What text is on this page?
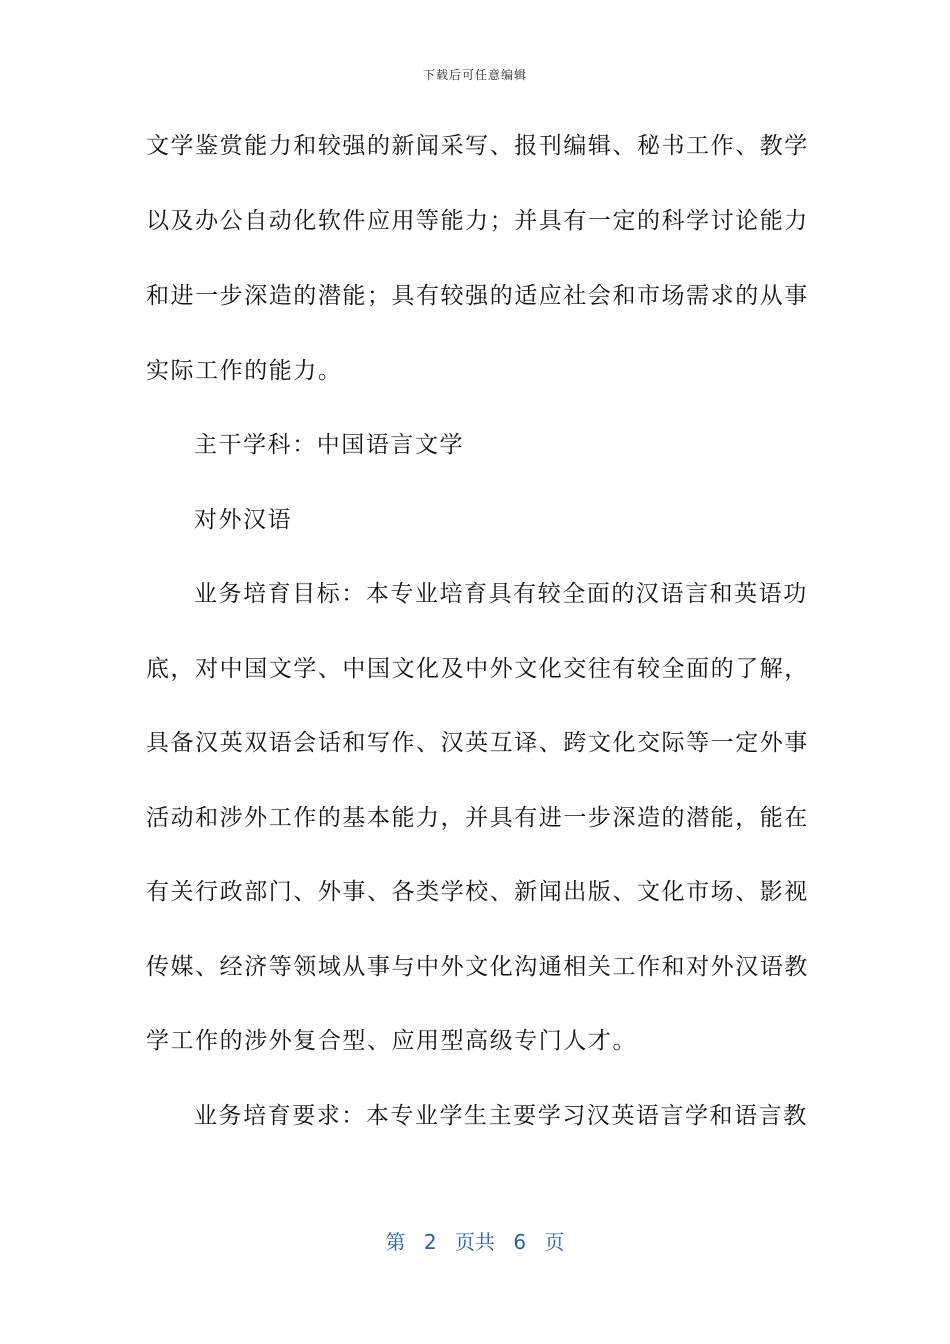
下载后可任意编辑
文学鉴赏能力和较强的新闻采写、报刊编辑、秘书工作、教学
以及办公自动化软件应用等能力；并具有一定的科学讨论能力
和进一步深造的潜能；具有较强的适应社会和市场需求的从事
实际工作的能力。
主干学科：中国语言文学
对外汉语
业务培育目标：本专业培育具有较全面的汉语言和英语功
底，对中国文学、中国文化及中外文化交往有较全面的了解，
具备汉英双语会话和写作、汉英互译、跨文化交际等一定外事
活动和涉外工作的基本能力，并具有进一步深造的潜能，能在
有关行政部门、外事、各类学校、新闻出版、文化市场、影视
传媒、经济等领域从事与中外文化沟通相关工作和对外汉语教
学工作的涉外复合型、应用型高级专门人才。
业务培育要求：本专业学生主要学习汉英语言学和语言教
第 2 页共 6 页
